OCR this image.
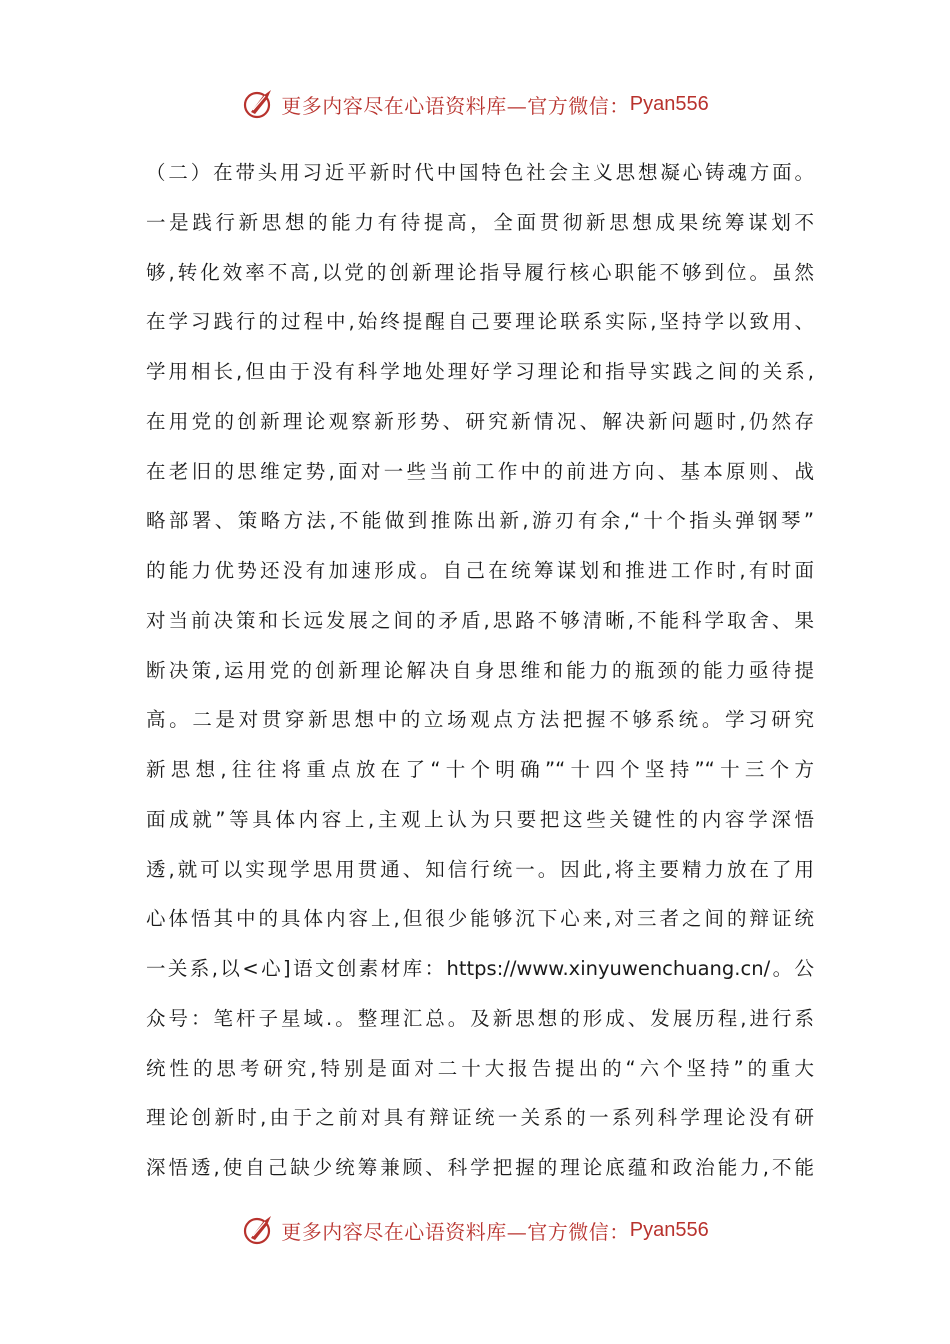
更多内容尽在心语资料库—官方微信： Pyan556
（二）在带头用习近平新时代中国特色社会主义思想凝心铸魂方面。
一是践行新思想的能力有待提高，全面贯彻新思想成果统筹谋划不
够,转化效率不高,以党的创新理论指导履行核心职能不够到位。虽然
在学习践行的过程中,始终提醒自己要理论联系实际,坚持学以致用、
学用相长,但由于没有科学地处理好学习理论和指导实践之间的关系,
在用党的创新理论观察新形势、研究新情况、解决新问题时,仍然存
在老旧的思维定势,面对一些当前工作中的前进方向、基本原则、战
略部署、策略方法,不能做到推陈出新,游刃有余,“十个指头弹钢琴”
的能力优势还没有加速形成。自己在统筹谋划和推进工作时,有时面
对当前决策和长远发展之间的矛盾,思路不够清晰,不能科学取舍、果
断决策,运用党的创新理论解决自身思维和能力的瓶颈的能力亟待提
高。二是对贯穿新思想中的立场观点方法把握不够系统。学习研究
新思想,往往将重点放在了“十个明确”“十四个坚持”“十三个方
面成就”等具体内容上,主观上认为只要把这些关键性的内容学深悟
透,就可以实现学思用贯通、知信行统一。因此,将主要精力放在了用
心体悟其中的具体内容上,但很少能够沉下心来,对三者之间的辩证统
一关系,以<心]语文创素材库：https://www.xinyuwenchuang.cn/。公
众号：笔杆子星域.。整理汇总。及新思想的形成、发展历程,进行系
统性的思考研究,特别是面对二十大报告提出的“六个坚持”的重大
理论创新时,由于之前对具有辩证统一关系的一系列科学理论没有研
深悟透,使自己缺少统筹兼顾、科学把握的理论底蕴和政治能力,不能
更多内容尽在心语资料库—官方微信： Pyan556
